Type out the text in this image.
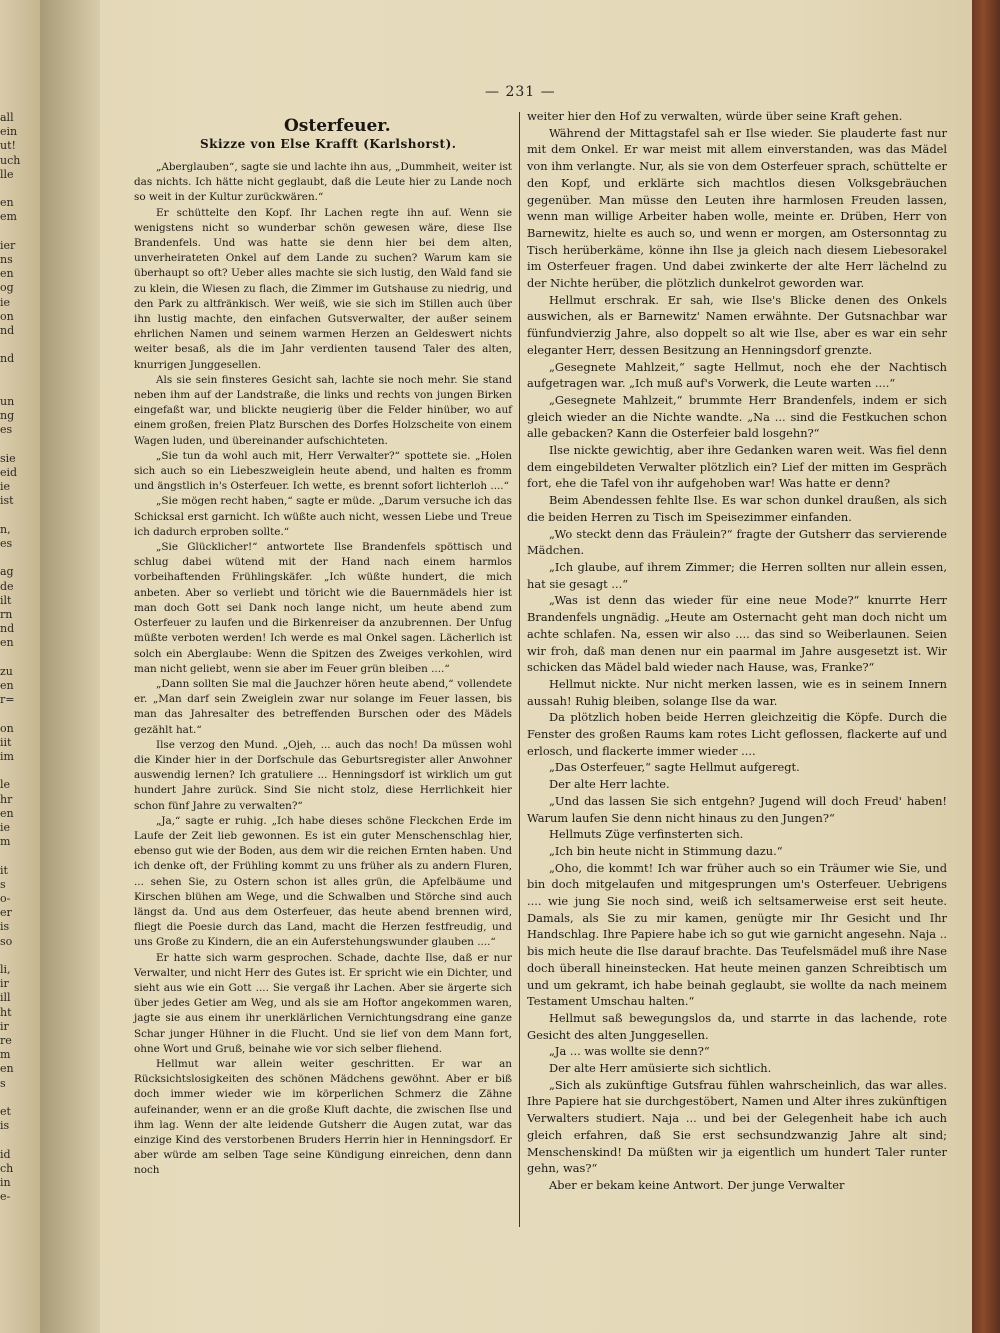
all
ein
ut!
uch
lle
en
em
ier
ns
en
og
ie
on
nd
nd
un
ng
es
sie
eid
ie
ist
n,
es
ag
de
ilt
rn
nd
en
zu
en
r=
on
iit
im
le
hr
en
ie
m
it
s
o-
er
is
so
li,
ir
ill
ht
ir
re
m
en
s
et
is
id
ch
in
e-
— 231 —
Osterfeuer.
Skizze von Else Krafft (Karlshorst).

„Aberglauben“, sagte sie und lachte ihn aus, „Dummheit, weiter ist das nichts. Ich hätte nicht geglaubt, daß die Leute hier zu Lande noch so weit in der Kultur zurückwären.“

Er schüttelte den Kopf. Ihr Lachen regte ihn auf. Wenn sie wenigstens nicht so wunderbar schön gewesen wäre, diese Ilse Brandenfels. Und was hatte sie denn hier bei dem alten, unverheirateten Onkel auf dem Lande zu suchen? Warum kam sie überhaupt so oft? Ueber alles machte sie sich lustig, den Wald fand sie zu klein, die Wiesen zu flach, die Zimmer im Gutshause zu niedrig, und den Park zu altfränkisch. Wer weiß, wie sie sich im Stillen auch über ihn lustig machte, den einfachen Gutsverwalter, der außer seinem ehrlichen Namen und seinem warmen Herzen an Geldeswert nichts weiter besaß, als die im Jahr verdienten tausend Taler des alten, knurrigen Junggesellen.

Als sie sein finsteres Gesicht sah, lachte sie noch mehr. Sie stand neben ihm auf der Landstraße, die links und rechts von jungen Birken eingefaßt war, und blickte neugierig über die Felder hinüber, wo auf einem großen, freien Platz Burschen des Dorfes Holzscheite von einem Wagen luden, und übereinander aufschichteten.

„Sie tun da wohl auch mit, Herr Verwalter?“ spottete sie. „Holen sich auch so ein Liebeszweiglein heute abend, und halten es fromm und ängstlich in's Osterfeuer. Ich wette, es brennt sofort lichterloh ....“

„Sie mögen recht haben,“ sagte er müde. „Darum versuche ich das Schicksal erst garnicht. Ich wüßte auch nicht, wessen Liebe und Treue ich dadurch erproben sollte.“

„Sie Glücklicher!“ antwortete Ilse Brandenfels spöttisch und schlug dabei wütend mit der Hand nach einem harmlos vorbeihaftenden Frühlingskäfer. „Ich wüßte hundert, die mich anbeten. Aber so verliebt und töricht wie die Bauernmädels hier ist man doch Gott sei Dank noch lange nicht, um heute abend zum Osterfeuer zu laufen und die Birkenreiser da anzubrennen. Der Unfug müßte verboten werden! Ich werde es mal Onkel sagen. Lächerlich ist solch ein Aberglaube: Wenn die Spitzen des Zweiges verkohlen, wird man nicht geliebt, wenn sie aber im Feuer grün bleiben ....“

„Dann sollten Sie mal die Jauchzer hören heute abend,“ vollendete er. „Man darf sein Zweiglein zwar nur solange im Feuer lassen, bis man das Jahresalter des betreffenden Burschen oder des Mädels gezählt hat.“

Ilse verzog den Mund. „Ojeh, ... auch das noch! Da müssen wohl die Kinder hier in der Dorfschule das Geburtsregister aller Anwohner auswendig lernen? Ich gratuliere ... Henningsdorf ist wirklich um gut hundert Jahre zurück. Sind Sie nicht stolz, diese Herrlichkeit hier schon fünf Jahre zu verwalten?“

„Ja,“ sagte er ruhig. „Ich habe dieses schöne Fleckchen Erde im Laufe der Zeit lieb gewonnen. Es ist ein guter Menschenschlag hier, ebenso gut wie der Boden, aus dem wir die reichen Ernten haben. Und ich denke oft, der Frühling kommt zu uns früher als zu andern Fluren, ... sehen Sie, zu Ostern schon ist alles grün, die Apfelbäume und Kirschen blühen am Wege, und die Schwalben und Störche sind auch längst da. Und aus dem Osterfeuer, das heute abend brennen wird, fliegt die Poesie durch das Land, macht die Herzen festfreudig, und uns Große zu Kindern, die an ein Auferstehungswunder glauben ....“

Er hatte sich warm gesprochen. Schade, dachte Ilse, daß er nur Verwalter, und nicht Herr des Gutes ist. Er spricht wie ein Dichter, und sieht aus wie ein Gott .... Sie vergaß ihr Lachen. Aber sie ärgerte sich über jedes Getier am Weg, und als sie am Hoftor angekommen waren, jagte sie aus einem ihr unerklärlichen Vernichtungsdrang eine ganze Schar junger Hühner in die Flucht. Und sie lief von dem Mann fort, ohne Wort und Gruß, beinahe wie vor sich selber fliehend.

Hellmut war allein weiter geschritten. Er war an Rücksichtslosigkeiten des schönen Mädchens gewöhnt. Aber er biß doch immer wieder wie im körperlichen Schmerz die Zähne aufeinander, wenn er an die große Kluft dachte, die zwischen Ilse und ihm lag. Wenn der alte leidende Gutsherr die Augen zutat, war das einzige Kind des verstorbenen Bruders Herrin hier in Henningsdorf. Er aber würde am selben Tage seine Kündigung einreichen, denn dann noch

weiter hier den Hof zu verwalten, würde über seine Kraft gehen.

Während der Mittagstafel sah er Ilse wieder. Sie plauderte fast nur mit dem Onkel. Er war meist mit allem einverstanden, was das Mädel von ihm verlangte. Nur, als sie von dem Osterfeuer sprach, schüttelte er den Kopf, und erklärte sich machtlos diesen Volksgebräuchen gegenüber. Man müsse den Leuten ihre harmlosen Freuden lassen, wenn man willige Arbeiter haben wolle, meinte er. Drüben, Herr von Barnewitz, hielte es auch so, und wenn er morgen, am Ostersonntag zu Tisch herüberkäme, könne ihn Ilse ja gleich nach diesem Liebesorakel im Osterfeuer fragen. Und dabei zwinkerte der alte Herr lächelnd zu der Nichte herüber, die plötzlich dunkelrot geworden war.

Hellmut erschrak. Er sah, wie Ilse's Blicke denen des Onkels auswichen, als er Barnewitz' Namen erwähnte. Der Gutsnachbar war fünfundvierzig Jahre, also doppelt so alt wie Ilse, aber es war ein sehr eleganter Herr, dessen Besitzung an Henningsdorf grenzte.

„Gesegnete Mahlzeit,“ sagte Hellmut, noch ehe der Nachtisch aufgetragen war. „Ich muß auf's Vorwerk, die Leute warten ....“

„Gesegnete Mahlzeit,“ brummte Herr Brandenfels, indem er sich gleich wieder an die Nichte wandte. „Na ... sind die Festkuchen schon alle gebacken? Kann die Osterfeier bald losgehn?“

Ilse nickte gewichtig, aber ihre Gedanken waren weit. Was fiel denn dem eingebildeten Verwalter plötzlich ein? Lief der mitten im Gespräch fort, ehe die Tafel von ihr aufgehoben war! Was hatte er denn?

Beim Abendessen fehlte Ilse. Es war schon dunkel draußen, als sich die beiden Herren zu Tisch im Speisezimmer einfanden.

„Wo steckt denn das Fräulein?“ fragte der Gutsherr das servierende Mädchen.

„Ich glaube, auf ihrem Zimmer; die Herren sollten nur allein essen, hat sie gesagt ...“

„Was ist denn das wieder für eine neue Mode?“ knurrte Herr Brandenfels ungnädig. „Heute am Osternacht geht man doch nicht um achte schlafen. Na, essen wir also .... das sind so Weiberlaunen. Seien wir froh, daß man denen nur ein paarmal im Jahre ausgesetzt ist. Wir schicken das Mädel bald wieder nach Hause, was, Franke?“

Hellmut nickte. Nur nicht merken lassen, wie es in seinem Innern aussah! Ruhig bleiben, solange Ilse da war.

Da plötzlich hoben beide Herren gleichzeitig die Köpfe. Durch die Fenster des großen Raums kam rotes Licht geflossen, flackerte auf und erlosch, und flackerte immer wieder ....

„Das Osterfeuer,“ sagte Hellmut aufgeregt.

Der alte Herr lachte.

„Und das lassen Sie sich entgehn? Jugend will doch Freud' haben! Warum laufen Sie denn nicht hinaus zu den Jungen?“

Hellmuts Züge verfinsterten sich.

„Ich bin heute nicht in Stimmung dazu.“

„Oho, die kommt! Ich war früher auch so ein Träumer wie Sie, und bin doch mitgelaufen und mitgesprungen um's Osterfeuer. Uebrigens .... wie jung Sie noch sind, weiß ich seltsamerweise erst seit heute. Damals, als Sie zu mir kamen, genügte mir Ihr Gesicht und Ihr Handschlag. Ihre Papiere habe ich so gut wie garnicht angesehn. Naja .. bis mich heute die Ilse darauf brachte. Das Teufelsmädel muß ihre Nase doch überall hineinstecken. Hat heute meinen ganzen Schreibtisch um und um gekramt, ich habe beinah geglaubt, sie wollte da nach meinem Testament Umschau halten.“

Hellmut saß bewegungslos da, und starrte in das lachende, rote Gesicht des alten Junggesellen.

„Ja ... was wollte sie denn?“

Der alte Herr amüsierte sich sichtlich.

„Sich als zukünftige Gutsfrau fühlen wahrscheinlich, das war alles. Ihre Papiere hat sie durchgestöbert, Namen und Alter ihres zukünftigen Verwalters studiert. Naja ... und bei der Gelegenheit habe ich auch gleich erfahren, daß Sie erst sechsundzwanzig Jahre alt sind; Menschenskind! Da müßten wir ja eigentlich um hundert Taler runter gehn, was?“

Aber er bekam keine Antwort. Der junge Verwalter
